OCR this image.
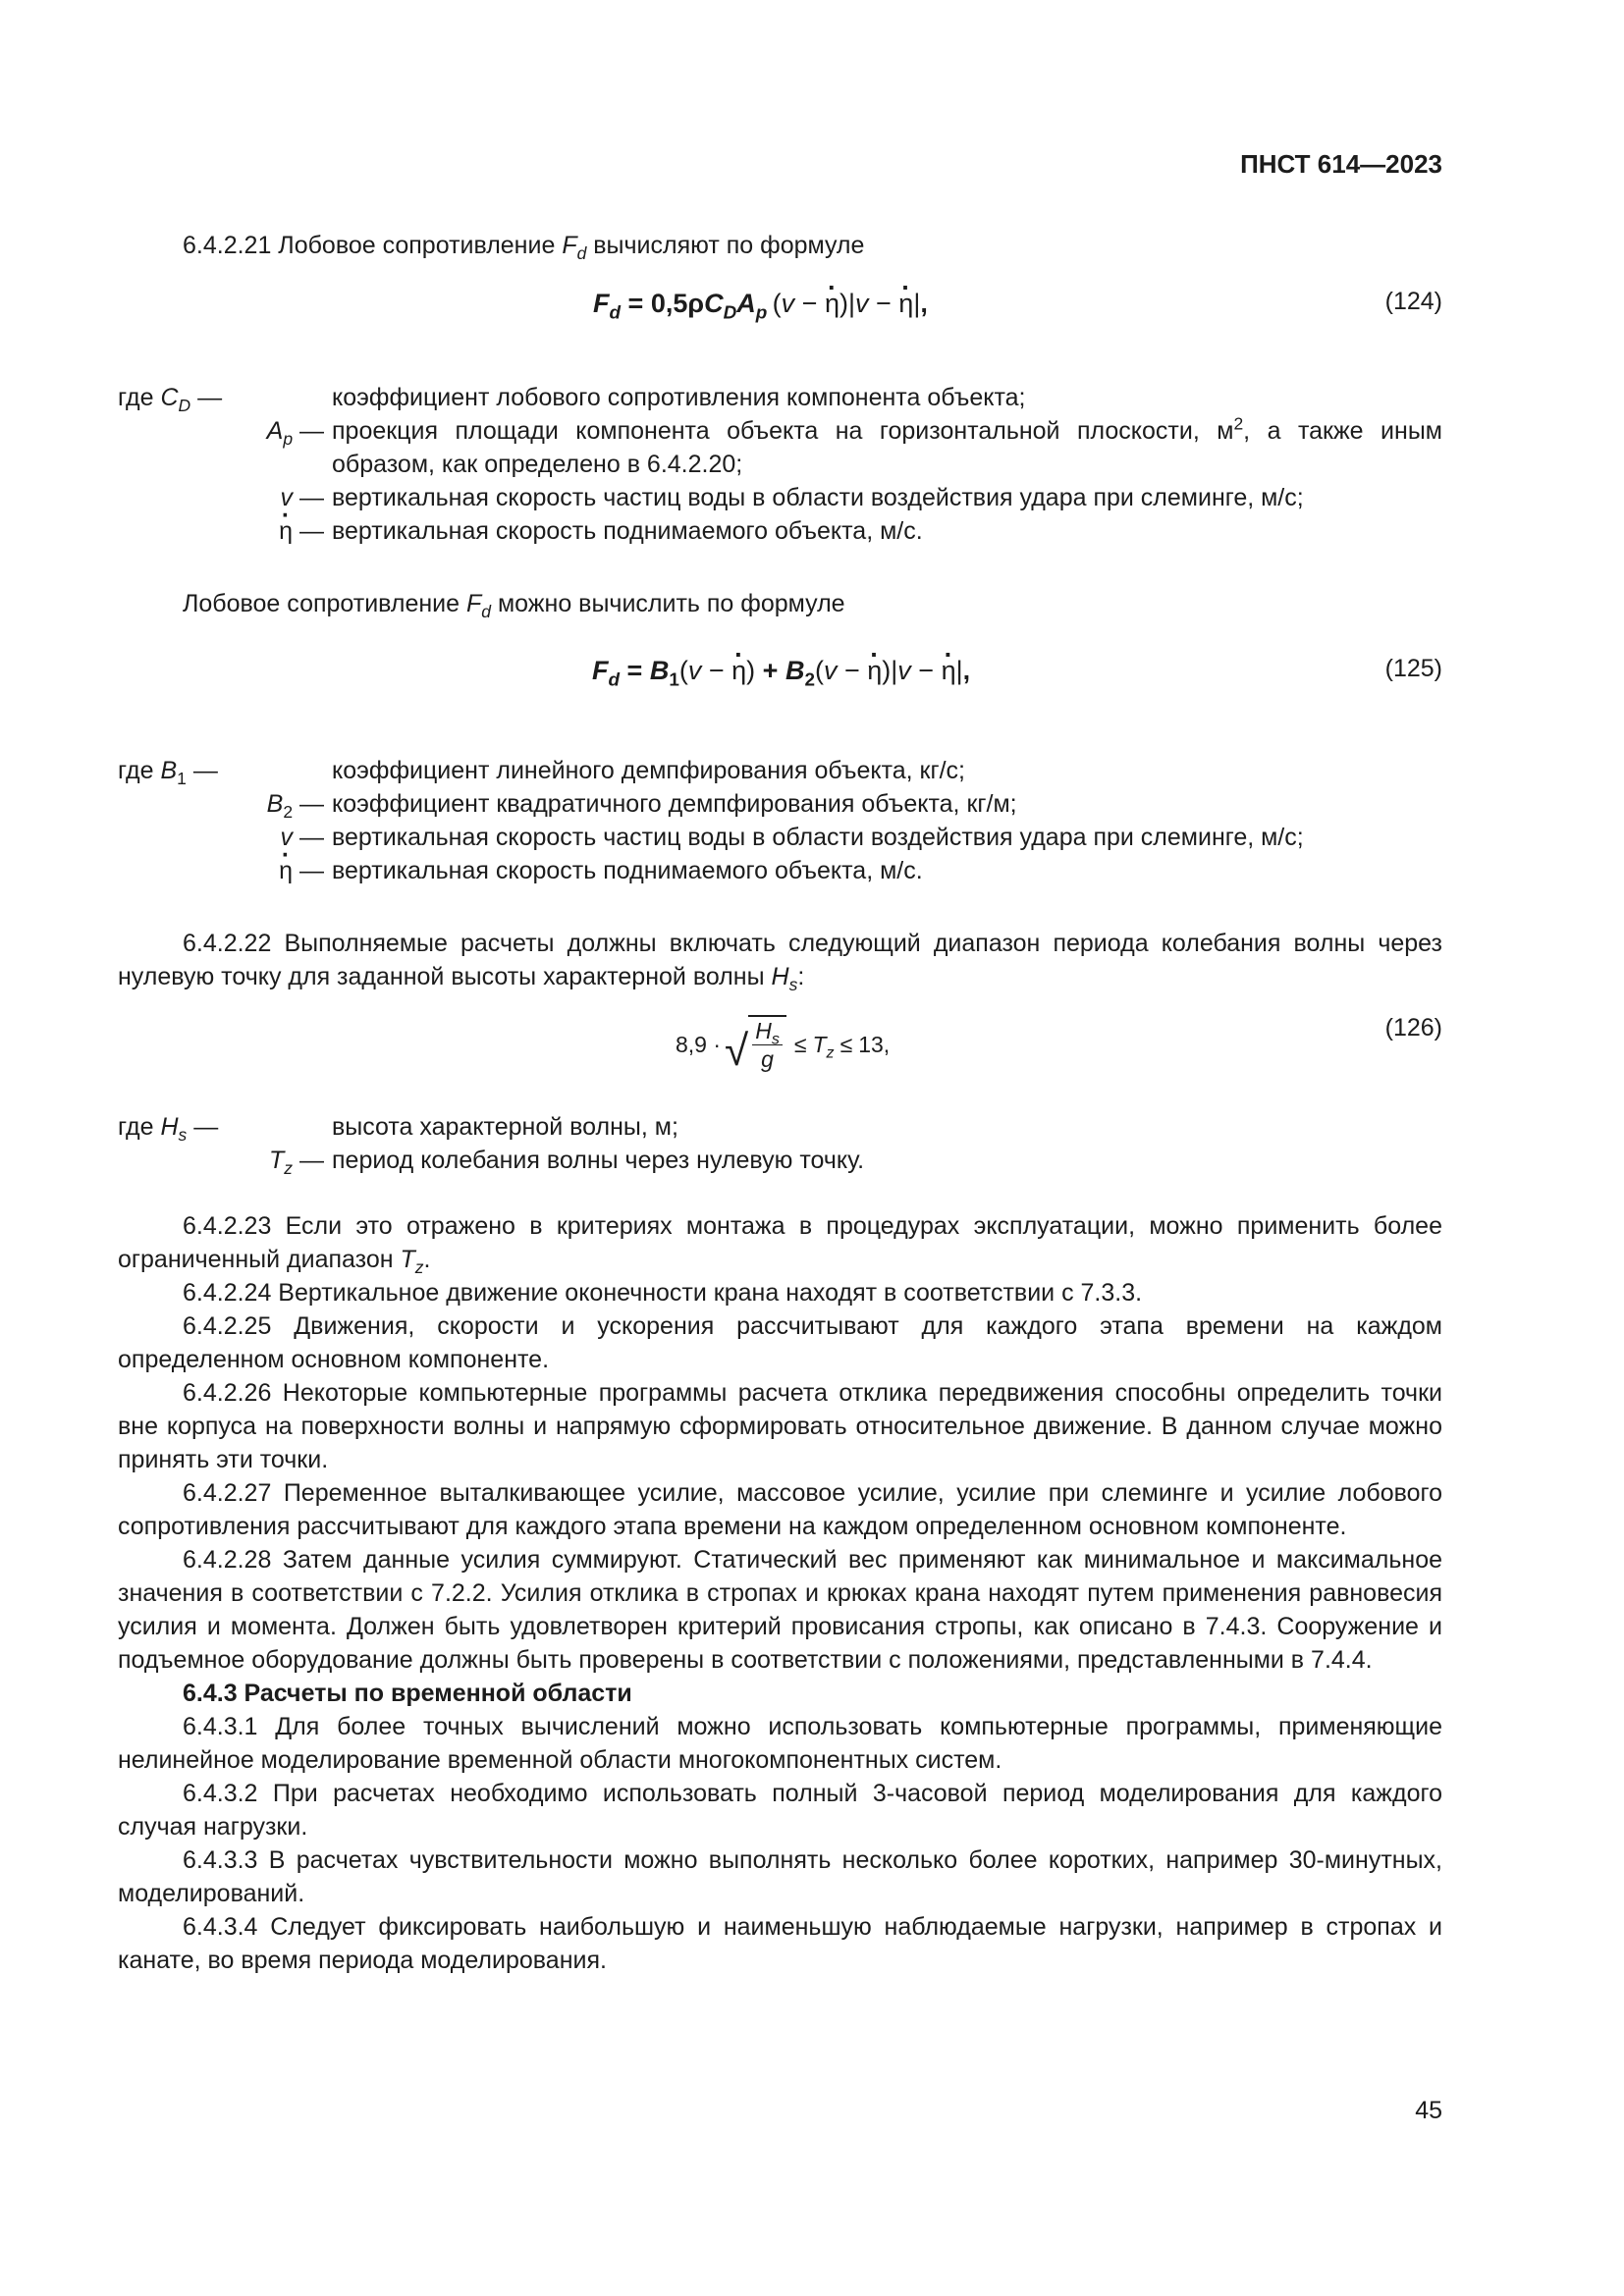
ПНСТ 614—2023

6.4.2.21 Лобовое сопротивление $F_d$ вычисляют по формуле

$F_d = 0,5\rho C_DA_p$ (v − · η)|v − · η|,	(124)
где $C_D$ —	коэффициент лобового сопротивления компонента объекта;
$A_p$ — проекция площади компонента объекта на горизонтальной плоскости, $м^2$, а также иным образом, как определено в 6.4.2.20;
v — вертикальная скорость частиц воды в области воздействия удара при слеминге, м/с;
· η — вертикальная скорость поднимаемого объекта, м/с.

Лобовое сопротивление $F_d$ можно вычислить по формуле

$F_d = B_1(v$ − · $\eta) + B_2(v$ − · η)|v − · η|,	(125)
где $B_1$ —	коэффициент линейного демпфирования объекта, кг/с;
$B_2$ — коэффициент квадратичного демпфирования объекта, кг/м;
v — вертикальная скорость частиц воды в области воздействия удара при слеминге, м/с;
· η — вертикальная скорость поднимаемого объекта, м/с.

6.4.2.22 Выполняемые расчеты должны включать следующий диапазон периода колебания волны через нулевую точку для заданной высоты характерной волны $H_s$:

8,9 · √ $H_s$
g
≤ $T_z \le 13$,
(126)
где $H_s$ —	высота характерной волны, м;
$T_z$ — период колебания волны через нулевую точку.

6.4.2.23 Если это отражено в критериях монтажа в процедурах эксплуатации, можно применить более ограниченный диапазон $T_z$.

6.4.2.24 Вертикальное движение оконечности крана находят в соответствии с 7.3.3.

6.4.2.25 Движения, скорости и ускорения рассчитывают для каждого этапа времени на каждом определенном основном компоненте.

6.4.2.26 Некоторые компьютерные программы расчета отклика передвижения способны определить точки вне корпуса на поверхности волны и напрямую сформировать относительное движение. В данном случае можно принять эти точки.

6.4.2.27 Переменное выталкивающее усилие, массовое усилие, усилие при слеминге и усилие лобового сопротивления рассчитывают для каждого этапа времени на каждом определенном основном компоненте.

6.4.2.28 Затем данные усилия суммируют. Статический вес применяют как минимальное и максимальное значения в соответствии с 7.2.2. Усилия отклика в стропах и крюках крана находят путем применения равновесия усилия и момента. Должен быть удовлетворен критерий провисания стропы, как описано в 7.4.3. Сооружение и подъемное оборудование должны быть проверены в соответствии с положениями, представленными в 7.4.4.

6.4.3 Расчеты по временной области

6.4.3.1 Для более точных вычислений можно использовать компьютерные программы, применяющие нелинейное моделирование временной области многокомпонентных систем.

6.4.3.2 При расчетах необходимо использовать полный 3-часовой период моделирования для каждого случая нагрузки.

6.4.3.3 В расчетах чувствительности можно выполнять несколько более коротких, например 30-минутных, моделирований.

6.4.3.4 Следует фиксировать наибольшую и наименьшую наблюдаемые нагрузки, например в стропах и канате, во время периода моделирования.

45
